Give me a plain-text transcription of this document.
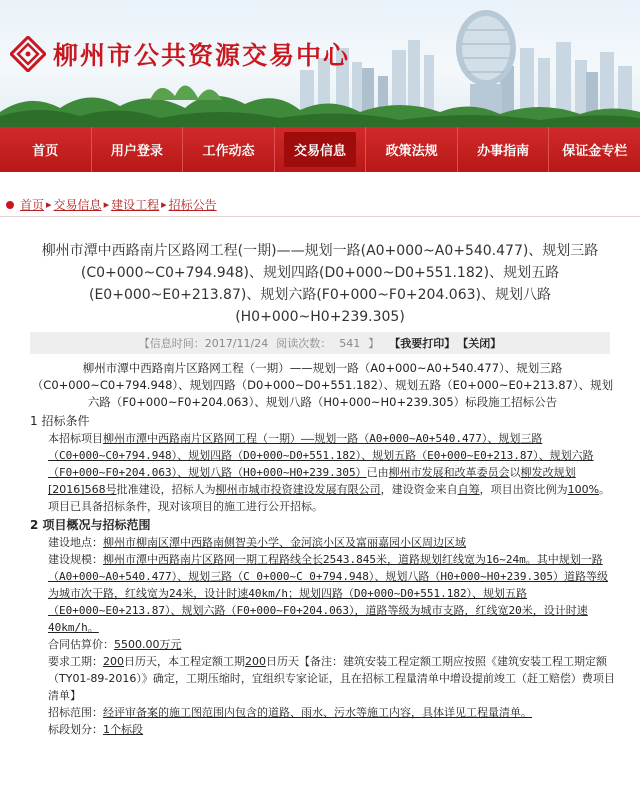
柳州市公共资源交易中心
首页	用户登录	工作动态	交易信息	政策法规	办事指南	保证金专栏
首页 ▸ 交易信息 ▸ 建设工程 ▸ 招标公告
柳州市潭中西路南片区路网工程(一期)——规划一路(A0+000~A0+540.477)、规划三路(C0+000~C0+794.948)、规划四路(D0+000~D0+551.182)、规划五路(E0+000~E0+213.87)、规划六路(F0+000~F0+204.063)、规划八路(H0+000~H0+239.305)
【信息时间： 2017/11/24 阅读次数： 541 】 【我要打印】 【关闭】

柳州市潭中西路南片区路网工程（一期）——规划一路（A0+000~A0+540.477）、规划三路（C0+000~C0+794.948）、规划四路（D0+000~D0+551.182）、规划五路（E0+000~E0+213.87）、规划六路（F0+000~F0+204.063）、规划八路（H0+000~H0+239.305）标段施工招标公告

1 招标条件

本招标项目柳州市潭中西路南片区路网工程（一期）——规划一路（A0+000~A0+540.477）、规划三路（C0+000~C0+794.948）、规划四路（D0+000~D0+551.182）、规划五路（E0+000~E0+213.87）、规划六路（F0+000~F0+204.063）、规划八路（H0+000~H0+239.305）已由柳州市发展和改革委员会以柳发改规划[2016]568号批准建设，招标人为柳州市城市投资建设发展有限公司，建设资金来自自筹，项目出资比例为100%。项目已具备招标条件，现对该项目的施工进行公开招标。

2 项目概况与招标范围

建设地点：柳州市柳南区潭中西路南侧智美小学、金河滨小区及富丽嘉园小区周边区域

建设规模：柳州市潭中西路南片区路网一期工程路线全长2543.845米，道路规划红线宽为16~24m。其中规划一路（A0+000~A0+540.477）、规划三路（C 0+000~C 0+794.948）、规划八路（H0+000~H0+239.305）道路等级为城市次干路，红线宽为24米，设计时速40km/h；规划四路（D0+000~D0+551.182）、规划五路（E0+000~E0+213.87）、规划六路（F0+000~F0+204.063），道路等级为城市支路，红线宽20米，设计时速40km/h。

合同估算价：5500.00万元

要求工期：200日历天，本工程定额工期200日历天【备注：建筑安装工程定额工期应按照《建筑安装工程工期定额（TY01-89-2016）》确定，工期压缩时，宜组织专家论证，且在招标工程量清单中增设提前竣工（赶工赔偿）费项目清单】

招标范围：经评审备案的施工图范围内包含的道路、雨水、污水等施工内容，具体详见工程量清单。

标段划分：1个标段
